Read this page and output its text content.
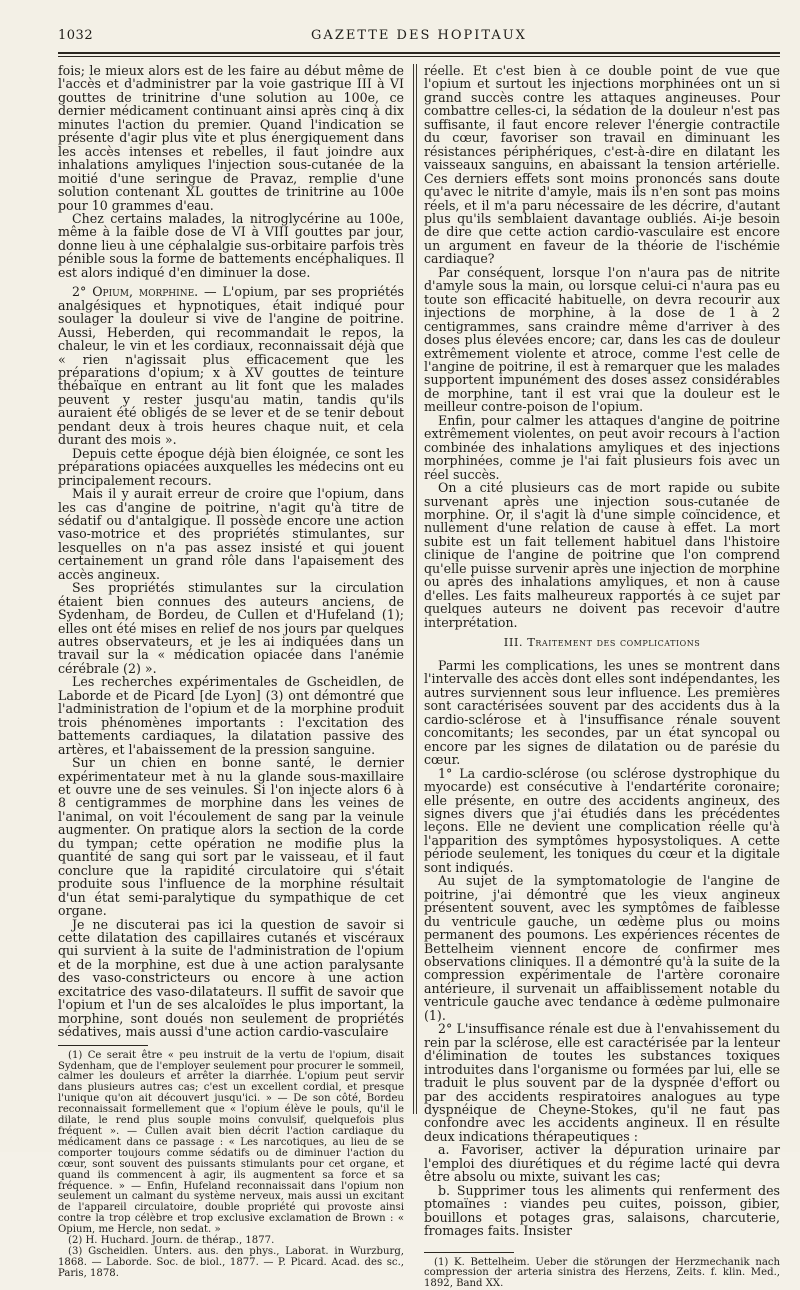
1032	GAZETTE DES HOPITAUX

fois; le mieux alors est de les faire au début même de l'accès et d'administrer par la voie gastrique III à VI gouttes de trinitrine d'une solution au 100e, ce dernier médicament continuant ainsi après cinq à dix minutes l'action du premier. Quand l'indication se présente d'agir plus vite et plus énergiquement dans les accès intenses et rebelles, il faut joindre aux inhalations amyliques l'injection sous-cutanée de la moitié d'une seringue de Pravaz, remplie d'une solution contenant XL gouttes de trinitrine au 100e pour 10 grammes d'eau.

Chez certains malades, la nitroglycérine au 100e, même à la faible dose de VI à VIII gouttes par jour, donne lieu à une céphalalgie sus-orbitaire parfois très pénible sous la forme de battements encéphaliques. Il est alors indiqué d'en diminuer la dose.

2° Opium, morphine. — L'opium, par ses propriétés analgésiques et hypnotiques, était indiqué pour soulager la douleur si vive de l'angine de poitrine. Aussi, Heberden, qui recommandait le repos, la chaleur, le vin et les cordiaux, reconnaissait déjà que « rien n'agissait plus efficacement que les préparations d'opium; x à XV gouttes de teinture thébaïque en entrant au lit font que les malades peuvent y rester jusqu'au matin, tandis qu'ils auraient été obligés de se lever et de se tenir debout pendant deux à trois heures chaque nuit, et cela durant des mois ».

Depuis cette époque déjà bien éloignée, ce sont les préparations opiacées auxquelles les médecins ont eu principalement recours.

Mais il y aurait erreur de croire que l'opium, dans les cas d'angine de poitrine, n'agit qu'à titre de sédatif ou d'antalgique. Il possède encore une action vaso-motrice et des propriétés stimulantes, sur lesquelles on n'a pas assez insisté et qui jouent certainement un grand rôle dans l'apaisement des accès angineux.

Ses propriétés stimulantes sur la circulation étaient bien connues des auteurs anciens, de Sydenham, de Bordeu, de Cullen et d'Hufeland (1); elles ont été mises en relief de nos jours par quelques autres observateurs, et je les ai indiquées dans un travail sur la « médication opiacée dans l'anémie cérébrale (2) ».

Les recherches expérimentales de Gscheidlen, de Laborde et de Picard [de Lyon] (3) ont démontré que l'administration de l'opium et de la morphine produit trois phénomènes importants : l'excitation des battements cardiaques, la dilatation passive des artères, et l'abaissement de la pression sanguine.

Sur un chien en bonne santé, le dernier expérimentateur met à nu la glande sous-maxillaire et ouvre une de ses veinules. Si l'on injecte alors 6 à 8 centigrammes de morphine dans les veines de l'animal, on voit l'écoulement de sang par la veinule augmenter. On pratique alors la section de la corde du tympan; cette opération ne modifie plus la quantité de sang qui sort par le vaisseau, et il faut conclure que la rapidité circulatoire qui s'était produite sous l'influence de la morphine résultait d'un état semi-paralytique du sympathique de cet organe.

Je ne discuterai pas ici la question de savoir si cette dilatation des capillaires cutanés et viscéraux qui survient à la suite de l'administration de l'opium et de la morphine, est due à une action paralysante des vaso-constricteurs ou encore à une action excitatrice des vaso-dilatateurs. Il suffit de savoir que l'opium et l'un de ses alcaloïdes le plus important, la morphine, sont doués non seulement de propriétés sédatives, mais aussi d'une action cardio-vasculaire

(1) Ce serait être « peu instruit de la vertu de l'opium, disait Sydenham, que de l'employer seulement pour procurer le sommeil, calmer les douleurs et arrêter la diarrhée. L'opium peut servir dans plusieurs autres cas; c'est un excellent cordial, et presque l'unique qu'on ait découvert jusqu'ici. » — De son côté, Bordeu reconnaissait formellement que « l'opium élève le pouls, qu'il le dilate, le rend plus souple moins convulsif, quelquefois plus fréquent ». — Cullen avait bien décrit l'action cardiaque du médicament dans ce passage : « Les narcotiques, au lieu de se comporter toujours comme sédatifs ou de diminuer l'action du cœur, sont souvent des puissants stimulants pour cet organe, et quand ils commencent à agir, ils augmentent sa force et sa fréquence. » — Enfin, Hufeland reconnaissait dans l'opium non seulement un calmant du système nerveux, mais aussi un excitant de l'appareil circulatoire, double propriété qui provoste ainsi contre la trop célèbre et trop exclusive exclamation de Brown : « Opium, me Hercle, non sedat. »

(2) H. Huchard. Journ. de thérap., 1877.

(3) Gscheidlen. Unters. aus. den phys., Laborat. in Wurzburg, 1868. — Laborde. Soc. de biol., 1877. — P. Picard. Acad. des sc., Paris, 1878.

réelle. Et c'est bien à ce double point de vue que l'opium et surtout les injections morphinées ont un si grand succès contre les attaques angineuses. Pour combattre celles-ci, la sédation de la douleur n'est pas suffisante, il faut encore relever l'énergie contractile du cœur, favoriser son travail en diminuant les résistances périphériques, c'est-à-dire en dilatant les vaisseaux sanguins, en abaissant la tension artérielle. Ces derniers effets sont moins prononcés sans doute qu'avec le nitrite d'amyle, mais ils n'en sont pas moins réels, et il m'a paru nécessaire de les décrire, d'autant plus qu'ils semblaient davantage oubliés. Ai-je besoin de dire que cette action cardio-vasculaire est encore un argument en faveur de la théorie de l'ischémie cardiaque?

Par conséquent, lorsque l'on n'aura pas de nitrite d'amyle sous la main, ou lorsque celui-ci n'aura pas eu toute son efficacité habituelle, on devra recourir aux injections de morphine, à la dose de 1 à 2 centigrammes, sans craindre même d'arriver à des doses plus élevées encore; car, dans les cas de douleur extrêmement violente et atroce, comme l'est celle de l'angine de poitrine, il est à remarquer que les malades supportent impunément des doses assez considérables de morphine, tant il est vrai que la douleur est le meilleur contre-poison de l'opium.

Enfin, pour calmer les attaques d'angine de poitrine extrêmement violentes, on peut avoir recours à l'action combinée des inhalations amyliques et des injections morphinées, comme je l'ai fait plusieurs fois avec un réel succès.

On a cité plusieurs cas de mort rapide ou subite survenant après une injection sous-cutanée de morphine. Or, il s'agit là d'une simple coïncidence, et nullement d'une relation de cause à effet. La mort subite est un fait tellement habituel dans l'histoire clinique de l'angine de poitrine que l'on comprend qu'elle puisse survenir après une injection de morphine ou après des inhalations amyliques, et non à cause d'elles. Les faits malheureux rapportés à ce sujet par quelques auteurs ne doivent pas recevoir d'autre interprétation.

III. Traitement des complications

Parmi les complications, les unes se montrent dans l'intervalle des accès dont elles sont indépendantes, les autres surviennent sous leur influence. Les premières sont caractérisées souvent par des accidents dus à la cardio-sclérose et à l'insuffisance rénale souvent concomitants; les secondes, par un état syncopal ou encore par les signes de dilatation ou de parésie du cœur.

1° La cardio-sclérose (ou sclérose dystrophique du myocarde) est consécutive à l'endartérite coronaire; elle présente, en outre des accidents angineux, des signes divers que j'ai étudiés dans les précédentes leçons. Elle ne devient une complication réelle qu'à l'apparition des symptômes hyposystoliques. A cette période seulement, les toniques du cœur et la digitale sont indiqués.

Au sujet de la symptomatologie de l'angine de poitrine, j'ai démontré que les vieux angineux présentent souvent, avec les symptômes de faiblesse du ventricule gauche, un œdème plus ou moins permanent des poumons. Les expériences récentes de Bettelheim viennent encore de confirmer mes observations cliniques. Il a démontré qu'à la suite de la compression expérimentale de l'artère coronaire antérieure, il survenait un affaiblissement notable du ventricule gauche avec tendance à œdème pulmonaire (1).

2° L'insuffisance rénale est due à l'envahissement du rein par la sclérose, elle est caractérisée par la lenteur d'élimination de toutes les substances toxiques introduites dans l'organisme ou formées par lui, elle se traduit le plus souvent par de la dyspnée d'effort ou par des accidents respiratoires analogues au type dyspnéique de Cheyne-Stokes, qu'il ne faut pas confondre avec les accidents angineux. Il en résulte deux indications thérapeutiques :

a. Favoriser, activer la dépuration urinaire par l'emploi des diurétiques et du régime lacté qui devra être absolu ou mixte, suivant les cas;

b. Supprimer tous les aliments qui renferment des ptomaïnes : viandes peu cuites, poisson, gibier, bouillons et potages gras, salaisons, charcuterie, fromages faits. Insister

(1) K. Bettelheim. Ueber die störungen der Herzmechanik nach compression der arteria sinistra des Herzens, Zeits. f. klin. Med., 1892, Band XX.
